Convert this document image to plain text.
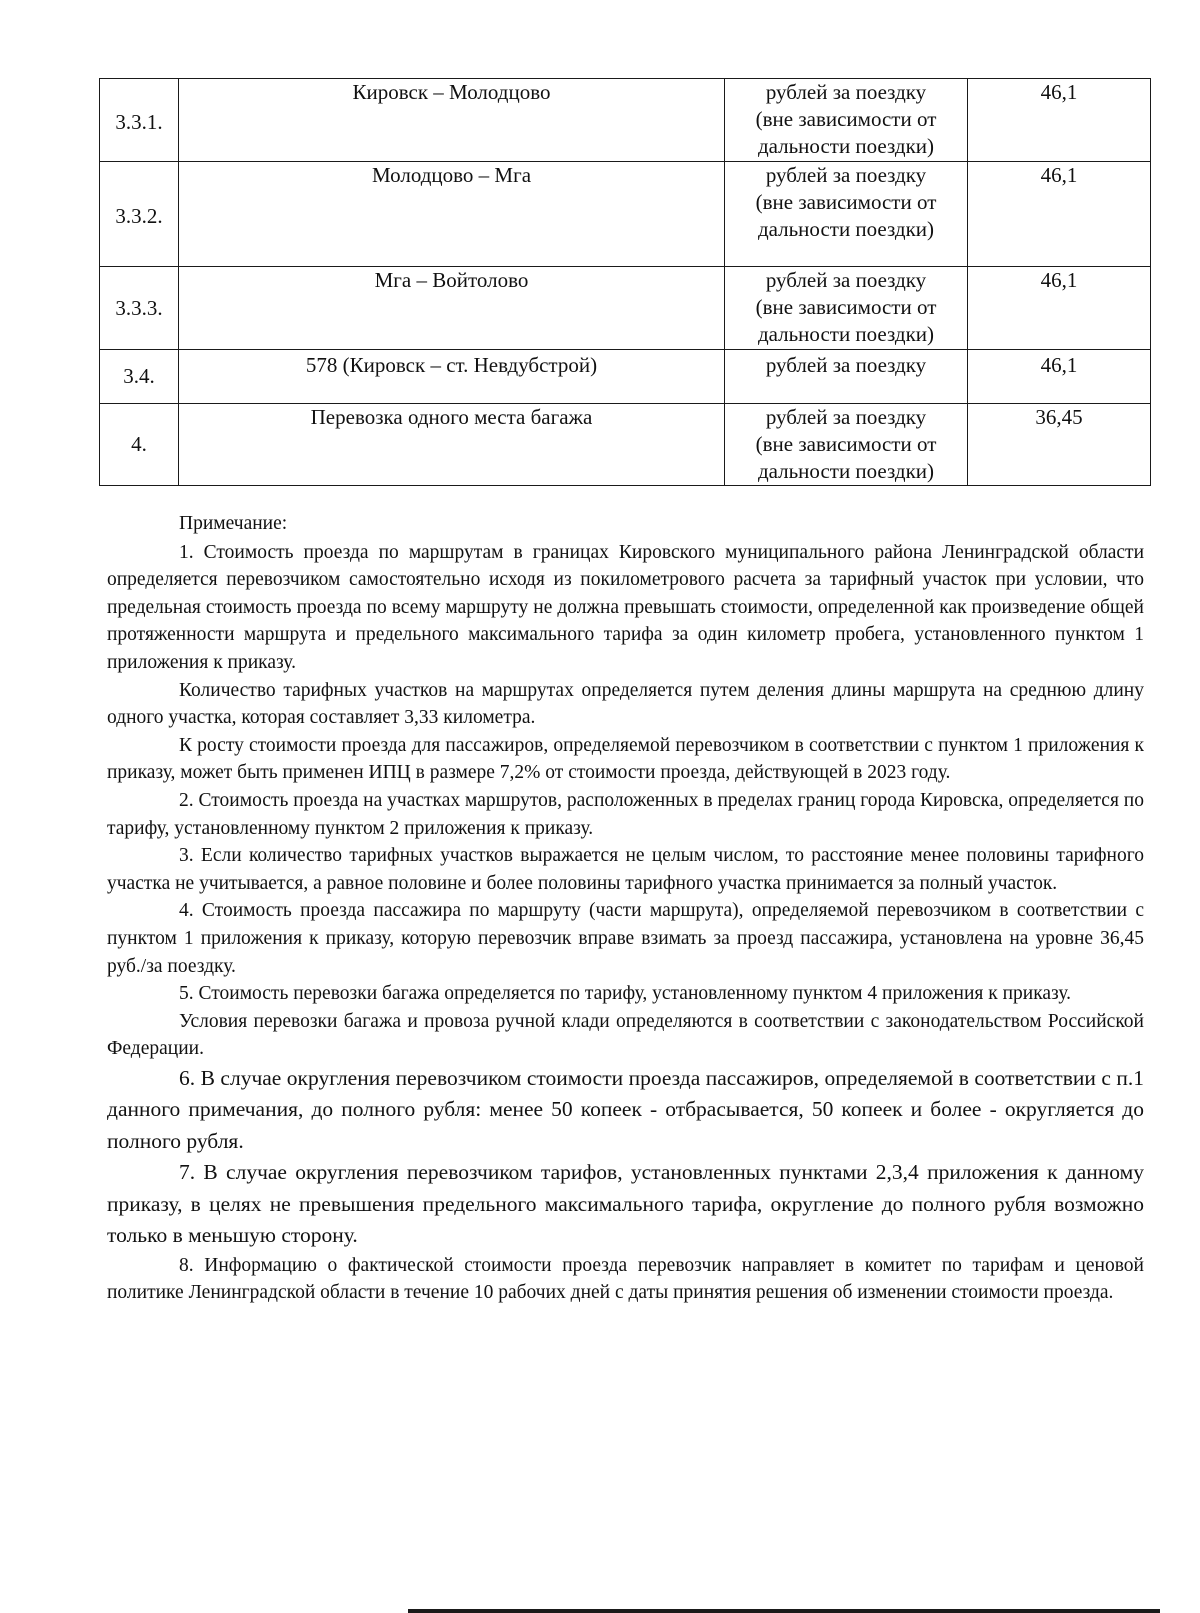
3.3.1.	Кировск – Молодцово	рублей за поездку
(вне зависимости от
дальности поездки)	46,1
3.3.2.	Молодцово – Мга	рублей за поездку
(вне зависимости от
дальности поездки)	46,1
3.3.3.	Мга – Войтолово	рублей за поездку
(вне зависимости от
дальности поездки)	46,1
3.4.	578 (Кировск – ст. Невдубстрой)	рублей за поездку	46,1
4.	Перевозка одного места багажа	рублей за поездку
(вне зависимости от
дальности поездки)	36,45

Примечание:

1. Стоимость проезда по маршрутам в границах Кировского муниципального района Ленинградской области определяется перевозчиком самостоятельно исходя из покилометрового расчета за тарифный участок при условии, что предельная стоимость проезда по всему маршруту не должна превышать стоимости, определенной как произведение общей протяженности маршрута и предельного максимального тарифа за один километр пробега, установленного пунктом 1 приложения к приказу.

Количество тарифных участков на маршрутах определяется путем деления длины маршрута на среднюю длину одного участка, которая составляет 3,33 километра.

К росту стоимости проезда для пассажиров, определяемой перевозчиком в соответствии с пунктом 1 приложения к приказу, может быть применен ИПЦ в размере 7,2% от стоимости проезда, действующей в 2023 году.

2. Стоимость проезда на участках маршрутов, расположенных в пределах границ города Кировска, определяется по тарифу, установленному пунктом 2 приложения к приказу.

3. Если количество тарифных участков выражается не целым числом, то расстояние менее половины тарифного участка не учитывается, а равное половине и более половины тарифного участка принимается за полный участок.

4. Стоимость проезда пассажира по маршруту (части маршрута), определяемой перевозчиком в соответствии с пунктом 1 приложения к приказу, которую перевозчик вправе взимать за проезд пассажира, установлена на уровне 36,45 руб./за поездку.

5. Стоимость перевозки багажа определяется по тарифу, установленному пунктом 4 приложения к приказу.

Условия перевозки багажа и провоза ручной клади определяются в соответствии с законодательством Российской Федерации.

6. В случае округления перевозчиком стоимости проезда пассажиров, определяемой в соответствии с п.1 данного примечания, до полного рубля: менее 50 копеек - отбрасывается, 50 копеек и более - округляется до полного рубля.

7. В случае округления перевозчиком тарифов, установленных пунктами 2,3,4 приложения к данному приказу, в целях не превышения предельного максимального тарифа, округление до полного рубля возможно только в меньшую сторону.

8. Информацию о фактической стоимости проезда перевозчик направляет в комитет по тарифам и ценовой политике Ленинградской области в течение 10 рабочих дней с даты принятия решения об изменении стоимости проезда.
